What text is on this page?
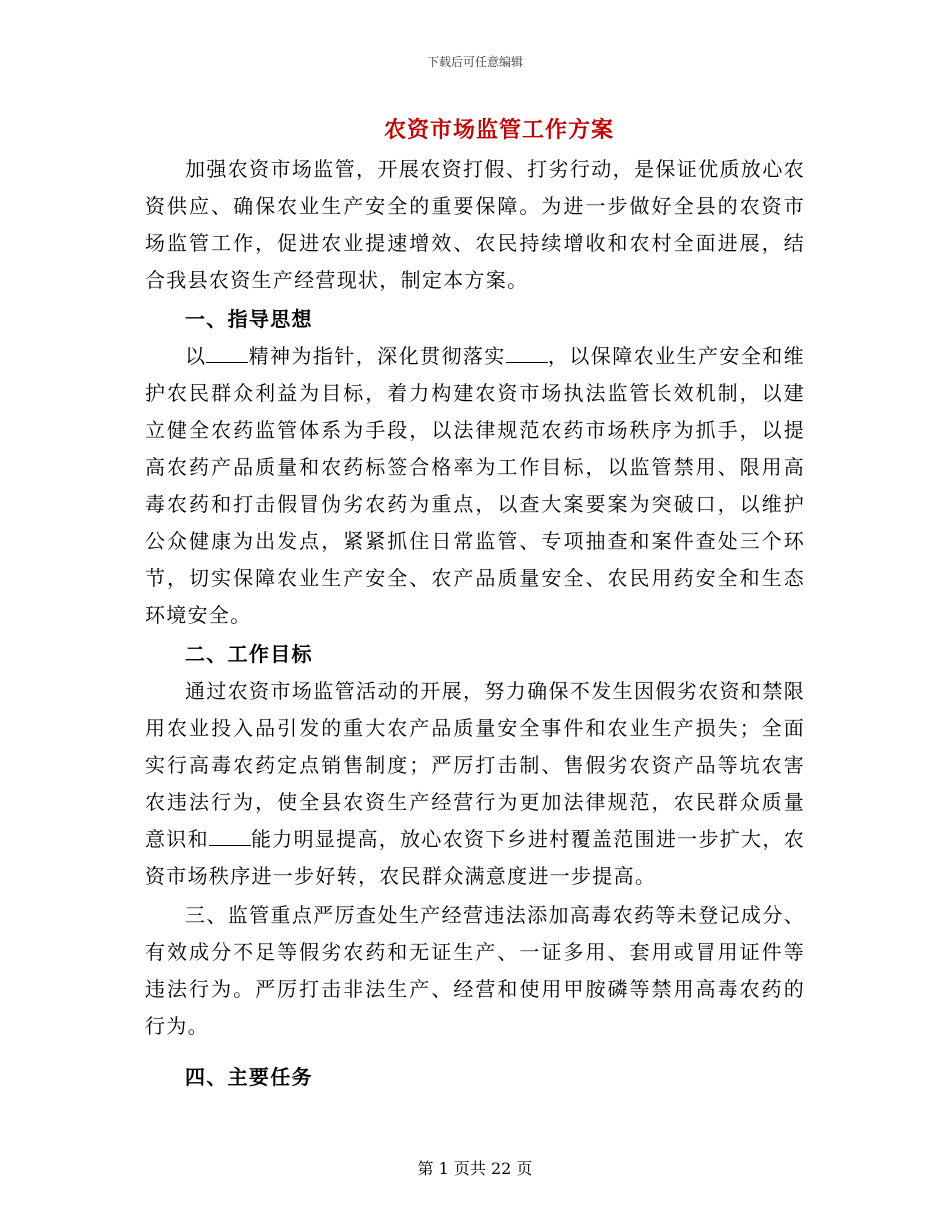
下载后可任意编辑
农资市场监管工作方案

加强农资市场监管，开展农资打假、打劣行动，是保证优质放心农资供应、确保农业生产安全的重要保障。为进一步做好全县的农资市场监管工作，促进农业提速增效、农民持续增收和农村全面进展，结合我县农资生产经营现状，制定本方案。

一、指导思想

以 精神为指针，深化贯彻落实 ，以保障农业生产安全和维护农民群众利益为目标，着力构建农资市场执法监管长效机制，以建立健全农药监管体系为手段，以法律规范农药市场秩序为抓手，以提高农药产品质量和农药标签合格率为工作目标，以监管禁用、限用高毒农药和打击假冒伪劣农药为重点，以查大案要案为突破口，以维护公众健康为出发点，紧紧抓住日常监管、专项抽查和案件查处三个环节，切实保障农业生产安全、农产品质量安全、农民用药安全和生态环境安全。

二、工作目标

通过农资市场监管活动的开展，努力确保不发生因假劣农资和禁限用农业投入品引发的重大农产品质量安全事件和农业生产损失；全面实行高毒农药定点销售制度；严厉打击制、售假劣农资产品等坑农害农违法行为，使全县农资生产经营行为更加法律规范，农民群众质量意识和 能力明显提高，放心农资下乡进村覆盖范围进一步扩大，农资市场秩序进一步好转，农民群众满意度进一步提高。

三、监管重点严厉查处生产经营违法添加高毒农药等未登记成分、有效成分不足等假劣农药和无证生产、一证多用、套用或冒用证件等违法行为。严厉打击非法生产、经营和使用甲胺磷等禁用高毒农药的行为。

四、主要任务

第 1 页共 22 页
